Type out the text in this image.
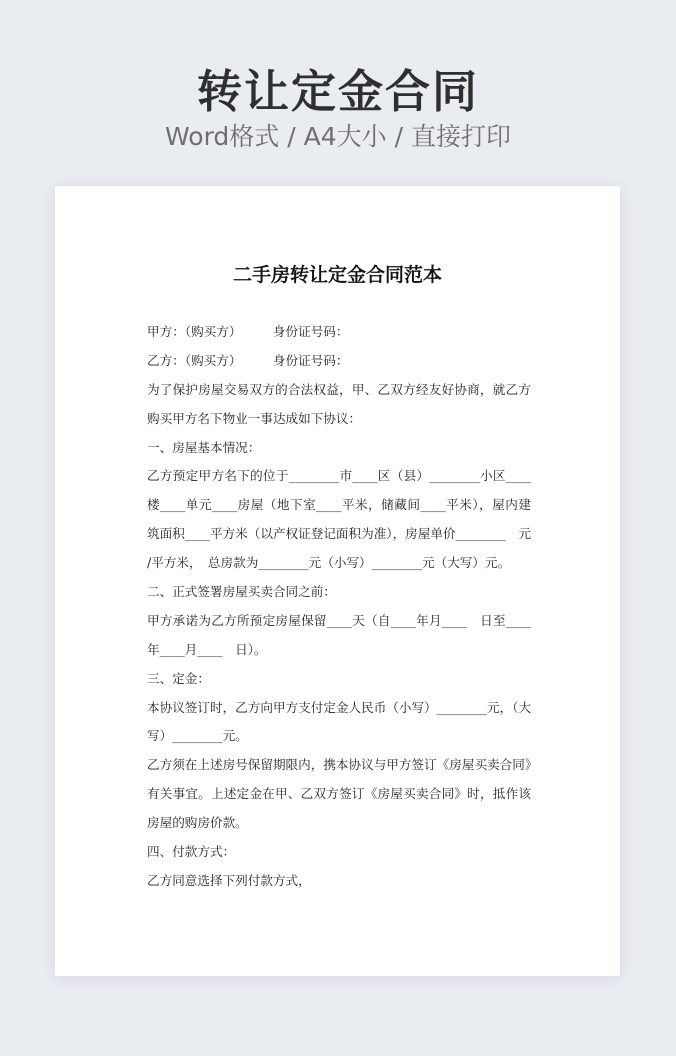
转让定金合同
Word格式 / A4大小 / 直接打印
二手房转让定金合同范本
甲方：（购买方）　　　身份证号码：
乙方：（购买方）　　　身份证号码：
为了保护房屋交易双方的合法权益，甲、乙双方经友好协商，就乙方
购买甲方名下物业一事达成如下协议：
一、房屋基本情况：
乙方预定甲方名下的位于________市____区（县）________小区____
楼____单元____房屋（地下室____平米，储藏间____平米），屋内建
筑面积____平方米（以产权证登记面积为准），房屋单价________　元
/平方米，　总房款为________元（小写）________元（大写）元。
二、正式签署房屋买卖合同之前：
甲方承诺为乙方所预定房屋保留____天（自____年月____　日至____
年____月____　日）。
三、定金：
本协议签订时，乙方向甲方支付定金人民币（小写）________元，（大
写）________元。
乙方须在上述房号保留期限内，携本协议与甲方签订《房屋买卖合同》
有关事宜。上述定金在甲、乙双方签订《房屋买卖合同》时，抵作该
房屋的购房价款。
四、付款方式：
乙方同意选择下列付款方式，
